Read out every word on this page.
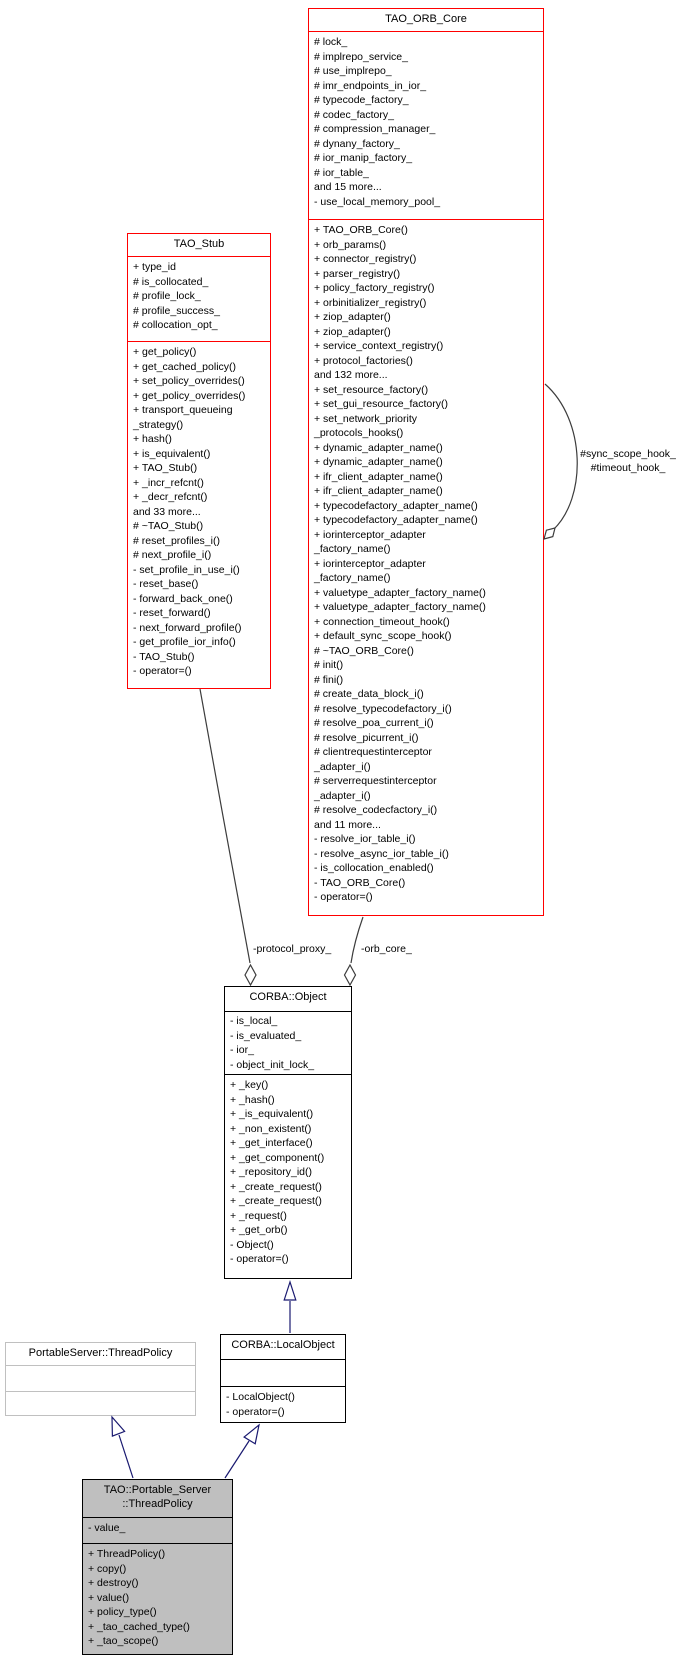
TAO_ORB_Core
# lock_
# implrepo_service_
# use_implrepo_
# imr_endpoints_in_ior_
# typecode_factory_
# codec_factory_
# compression_manager_
# dynany_factory_
# ior_manip_factory_
# ior_table_
and 15 more...
- use_local_memory_pool_
+ TAO_ORB_Core()
+ orb_params()
+ connector_registry()
+ parser_registry()
+ policy_factory_registry()
+ orbinitializer_registry()
+ ziop_adapter()
+ ziop_adapter()
+ service_context_registry()
+ protocol_factories()
and 132 more...
+ set_resource_factory()
+ set_gui_resource_factory()
+ set_network_priority
_protocols_hooks()
+ dynamic_adapter_name()
+ dynamic_adapter_name()
+ ifr_client_adapter_name()
+ ifr_client_adapter_name()
+ typecodefactory_adapter_name()
+ typecodefactory_adapter_name()
+ iorinterceptor_adapter
_factory_name()
+ iorinterceptor_adapter
_factory_name()
+ valuetype_adapter_factory_name()
+ valuetype_adapter_factory_name()
+ connection_timeout_hook()
+ default_sync_scope_hook()
# ~TAO_ORB_Core()
# init()
# fini()
# create_data_block_i()
# resolve_typecodefactory_i()
# resolve_poa_current_i()
# resolve_picurrent_i()
# clientrequestinterceptor
_adapter_i()
# serverrequestinterceptor
_adapter_i()
# resolve_codecfactory_i()
and 11 more...
- resolve_ior_table_i()
- resolve_async_ior_table_i()
- is_collocation_enabled()
- TAO_ORB_Core()
- operator=()
TAO_Stub
+ type_id
# is_collocated_
# profile_lock_
# profile_success_
# collocation_opt_
+ get_policy()
+ get_cached_policy()
+ set_policy_overrides()
+ get_policy_overrides()
+ transport_queueing
_strategy()
+ hash()
+ is_equivalent()
+ TAO_Stub()
+ _incr_refcnt()
+ _decr_refcnt()
and 33 more...
# ~TAO_Stub()
# reset_profiles_i()
# next_profile_i()
- set_profile_in_use_i()
- reset_base()
- forward_back_one()
- reset_forward()
- next_forward_profile()
- get_profile_ior_info()
- TAO_Stub()
- operator=()
CORBA::Object
- is_local_
- is_evaluated_
- ior_
- object_init_lock_
+ _key()
+ _hash()
+ _is_equivalent()
+ _non_existent()
+ _get_interface()
+ _get_component()
+ _repository_id()
+ _create_request()
+ _create_request()
+ _request()
+ _get_orb()
- Object()
- operator=()
CORBA::LocalObject
- LocalObject()
- operator=()
PortableServer::ThreadPolicy
TAO::Portable_Server
::ThreadPolicy
- value_
+ ThreadPolicy()
+ copy()
+ destroy()
+ value()
+ policy_type()
+ _tao_cached_type()
+ _tao_scope()
-protocol_proxy_	-orb_core_
#sync_scope_hook_
#timeout_hook_
